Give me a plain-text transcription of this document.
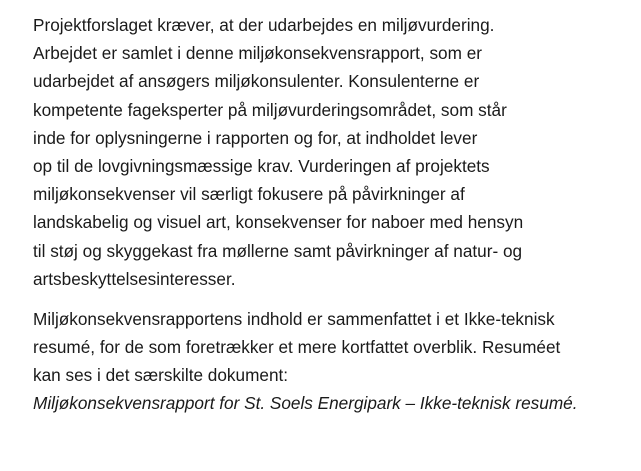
Projektforslaget kræver, at der udarbejdes en miljøvurdering.
Arbejdet er samlet i denne miljøkonsekvensrapport, som er
udarbejdet af ansøgers miljøkonsulenter. Konsulenterne er
kompetente fageksperter på miljøvurderingsområdet, som står
inde for oplysningerne i rapporten og for, at indholdet lever
op til de lovgivningsmæssige krav. Vurderingen af projektets
miljøkonsekvenser vil særligt fokusere på påvirkninger af
landskabelig og visuel art, konsekvenser for naboer med hensyn
til støj og skyggekast fra møllerne samt påvirkninger af natur- og
artsbeskyttelsesinteresser.
Miljøkonsekvensrapportens indhold er sammenfattet i et Ikke-teknisk
resumé, for de som foretrækker et mere kortfattet overblik. Resuméet
kan ses i det særskilte dokument:
Miljøkonsekvensrapport for St. Soels Energipark – Ikke-teknisk resumé.
